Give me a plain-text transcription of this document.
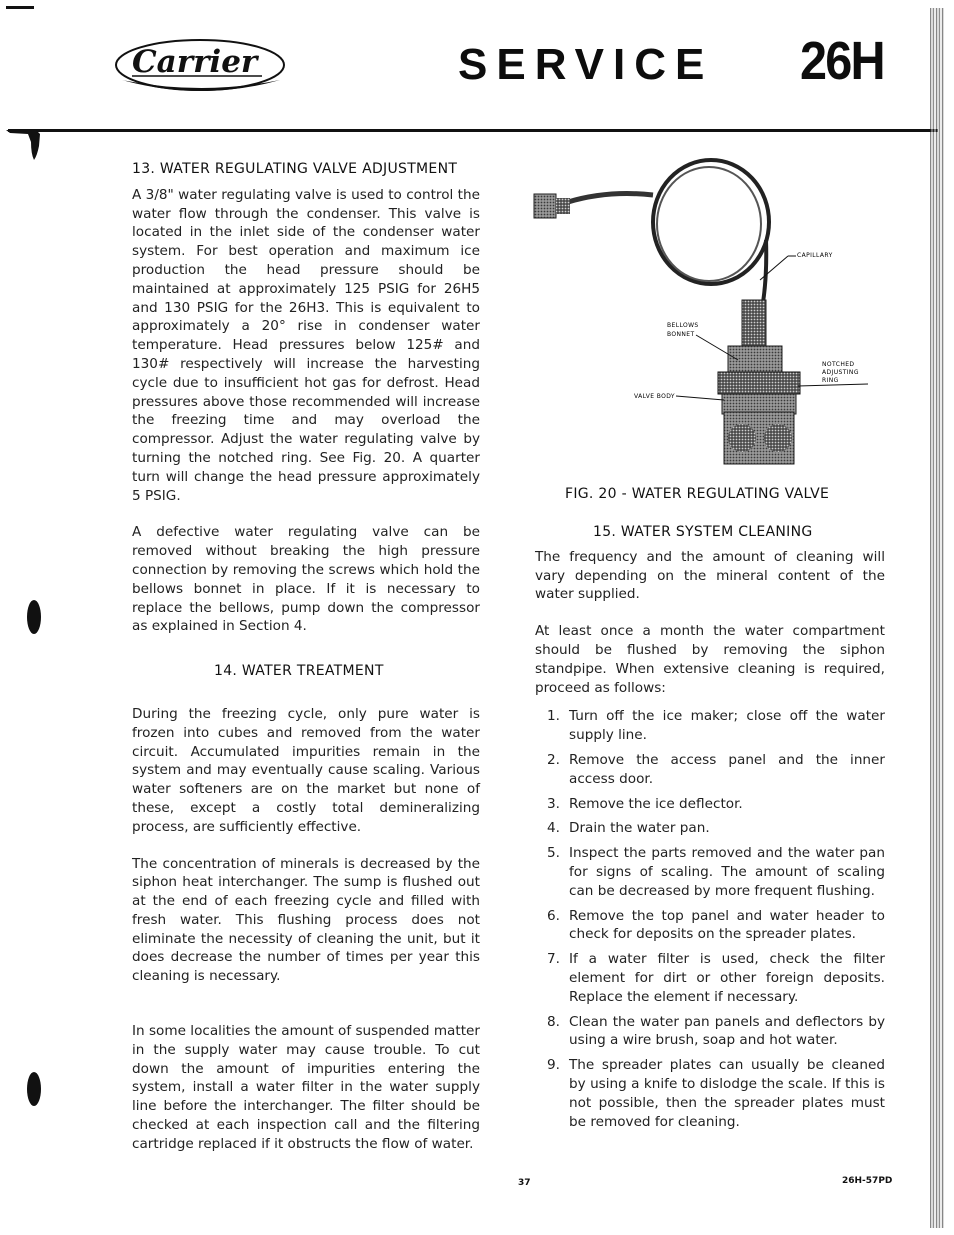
Carrier	SERVICE 26H
13. WATER REGULATING VALVE ADJUSTMENT

A 3/8" water regulating valve is used to control the water flow through the condenser. This valve is located in the inlet side of the condenser water system. For best operation and maximum ice production the head pressure should be maintained at approximately 125 PSIG for 26H5 and 130 PSIG for the 26H3. This is equivalent to approximately a 20° rise in condenser water temperature. Head pressures below 125# and 130# respectively will increase the harvesting cycle due to insufficient hot gas for defrost. Head pressures above those recommended will increase the freezing time and may overload the compressor. Adjust the water regulating valve by turning the notched ring. See Fig. 20. A quarter turn will change the head pressure approximately 5 PSIG.

A defective water regulating valve can be removed without breaking the high pressure connection by removing the screws which hold the bellows bonnet in place. If it is necessary to replace the bellows, pump down the compressor as explained in Section 4.

14. WATER TREATMENT

During the freezing cycle, only pure water is frozen into cubes and removed from the water circuit. Accumulated impurities remain in the system and may eventually cause scaling. Various water softeners are on the market but none of these, except a costly total demineralizing process, are sufficiently effective.

The concentration of minerals is decreased by the siphon heat interchanger. The sump is flushed out at the end of each freezing cycle and filled with fresh water. This flushing process does not eliminate the necessity of cleaning the unit, but it does decrease the number of times per year this cleaning is necessary.

In some localities the amount of suspended matter in the supply water may cause trouble. To cut down the amount of impurities entering the system, install a water filter in the water supply line before the interchanger. The filter should be checked at each inspection call and the filtering cartridge replaced if it obstructs the flow of water.

CAPILLARY
BELLOWS
BONNET
NOTCHED
ADJUSTING
RING
VALVE BODY
FIG. 20 - WATER REGULATING VALVE
15. WATER SYSTEM CLEANING

The frequency and the amount of cleaning will vary depending on the mineral content of the water supplied.

At least once a month the water compartment should be flushed by removing the siphon standpipe. When extensive cleaning is required, proceed as follows:

1. Turn off the ice maker; close off the water supply line.
2. Remove the access panel and the inner access door.
3. Remove the ice deflector.
4. Drain the water pan.
5. Inspect the parts removed and the water pan for signs of scaling. The amount of scaling can be decreased by more frequent flushing.
6. Remove the top panel and water header to check for deposits on the spreader plates.
7. If a water filter is used, check the filter element for dirt or other foreign deposits. Replace the element if necessary.
8. Clean the water pan panels and deflectors by using a wire brush, soap and hot water.
9. The spreader plates can usually be cleaned by using a knife to dislodge the scale. If this is not possible, then the spreader plates must be removed for cleaning.
37	26H-57PD
